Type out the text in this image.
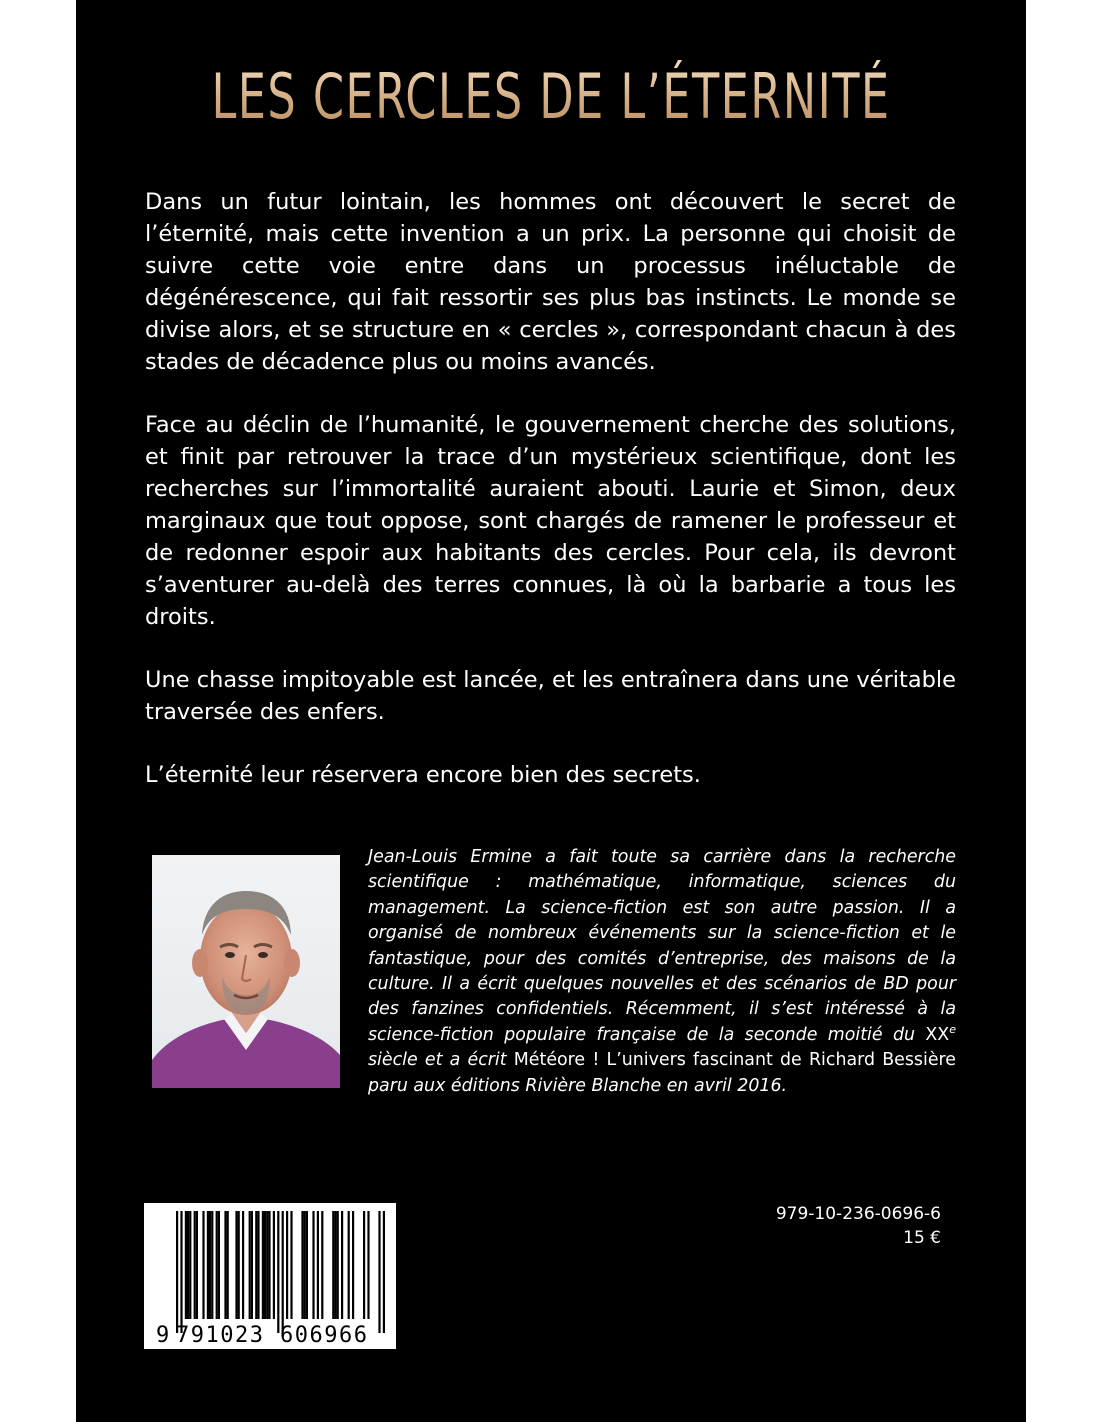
LES CERCLES DE L’ÉTERNITÉ

Dans un futur lointain, les hommes ont découvert le secret de l’éternité, mais cette invention a un prix. La personne qui choisit de suivre cette voie entre dans un processus inéluctable de dégénérescence, qui fait ressortir ses plus bas instincts. Le monde se divise alors, et se structure en « cercles », correspondant chacun à des stades de décadence plus ou moins avancés.

Face au déclin de l’humanité, le gouvernement cherche des solutions, et finit par retrouver la trace d’un mystérieux scientifique, dont les recherches sur l’immortalité auraient abouti. Laurie et Simon, deux marginaux que tout oppose, sont chargés de ramener le professeur et de redonner espoir aux habitants des cercles. Pour cela, ils devront s’aventurer au-delà des terres connues, là où la barbarie a tous les droits.

Une chasse impitoyable est lancée, et les entraînera dans une véritable traversée des enfers.

L’éternité leur réservera encore bien des secrets.

Jean-Louis Ermine a fait toute sa carrière dans la recherche scientifique : mathématique, informatique, sciences du management. La science-fiction est son autre passion. Il a organisé de nombreux événements sur la science-fiction et le fantastique, pour des comités d’entreprise, des maisons de la culture. Il a écrit quelques nouvelles et des scénarios de BD pour des fanzines confidentiels. Récemment, il s’est intéressé à la science-fiction populaire française de la seconde moitié du XXe siècle et a écrit Météore ! L’univers fascinant de Richard Bessière paru aux éditions Rivière Blanche en avril 2016.
9 791023 606966
979-10-236-0696-6
15 €
